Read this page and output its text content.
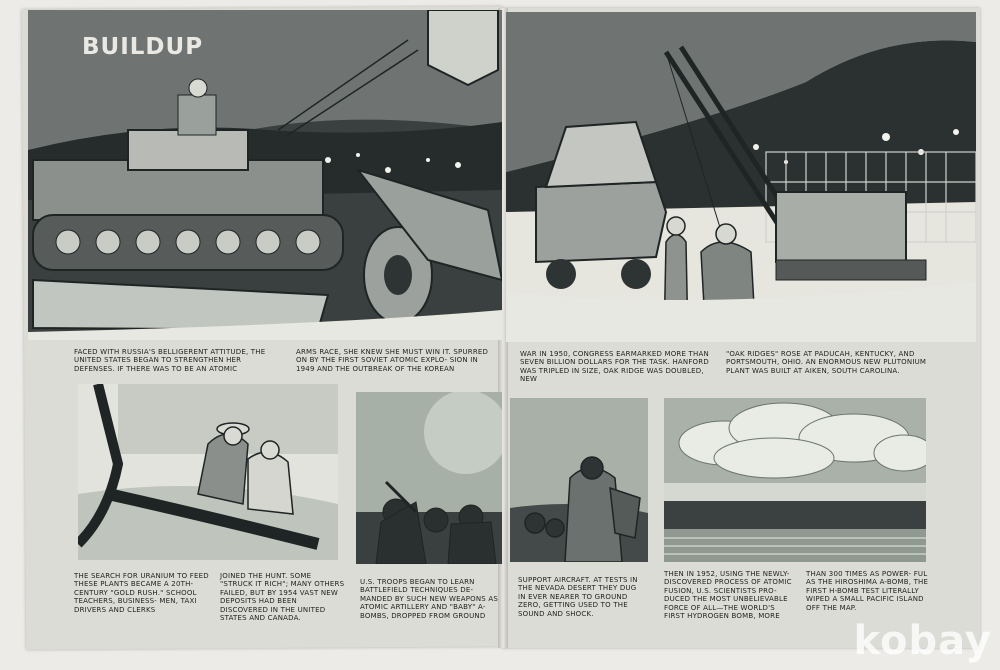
BUILDUP
FACED WITH RUSSIA'S BELLIGERENT ATTITUDE, THE UNITED STATES BEGAN TO STRENGTHEN HER DEFENSES. IF THERE WAS TO BE AN ATOMIC
ARMS RACE, SHE KNEW SHE MUST WIN IT. SPURRED ON BY THE FIRST SOVIET ATOMIC EXPLO- SION IN 1949 AND THE OUTBREAK OF THE KOREAN
WAR IN 1950, CONGRESS EARMARKED MORE THAN SEVEN BILLION DOLLARS FOR THE TASK. HANFORD WAS TRIPLED IN SIZE, OAK RIDGE WAS DOUBLED, NEW
"OAK RIDGES" ROSE AT PADUCAH, KENTUCKY, AND PORTSMOUTH, OHIO. AN ENORMOUS NEW PLUTONIUM PLANT WAS BUILT AT AIKEN, SOUTH CAROLINA.
THE SEARCH FOR URANIUM TO FEED THESE PLANTS BECAME A 20TH-CENTURY "GOLD RUSH." SCHOOL TEACHERS, BUSINESS- MEN, TAXI DRIVERS AND CLERKS
JOINED THE HUNT. SOME "STRUCK IT RICH"; MANY OTHERS FAILED, BUT BY 1954 VAST NEW DEPOSITS HAD BEEN DISCOVERED IN THE UNITED STATES AND CANADA.
U.S. TROOPS BEGAN TO LEARN BATTLEFIELD TECHNIQUES DE- MANDED BY SUCH NEW WEAPONS AS ATOMIC ARTILLERY AND "BABY" A-BOMBS, DROPPED FROM GROUND
SUPPORT AIRCRAFT. AT TESTS IN THE NEVADA DESERT THEY DUG IN EVER NEARER TO GROUND ZERO, GETTING USED TO THE SOUND AND SHOCK.
THEN IN 1952, USING THE NEWLY- DISCOVERED PROCESS OF ATOMIC FUSION, U.S. SCIENTISTS PRO- DUCED THE MOST UNBELIEVABLE FORCE OF ALL—THE WORLD'S FIRST HYDROGEN BOMB, MORE
THAN 300 TIMES AS POWER- FUL AS THE HIROSHIMA A-BOMB, THE FIRST H-BOMB TEST LITERALLY WIPED A SMALL PACIFIC ISLAND OFF THE MAP.
kobay
